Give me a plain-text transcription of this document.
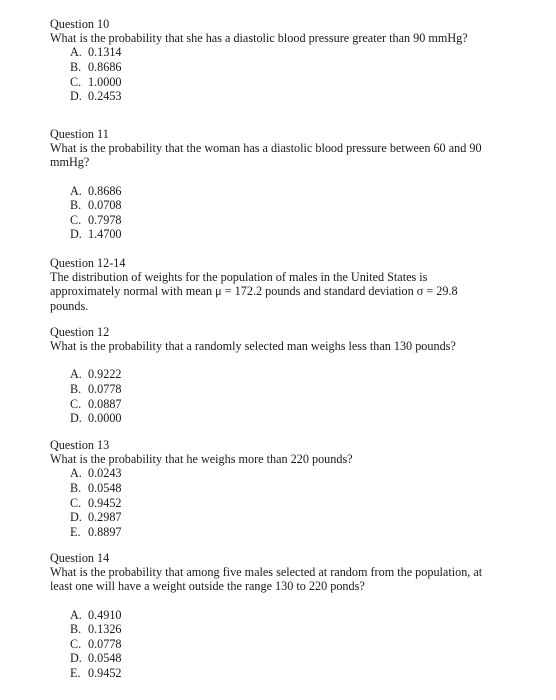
Question 10
What is the probability that she has a diastolic blood pressure greater than 90 mmHg?
A. 0.1314
B. 0.8686
C. 1.0000
D. 0.2453
Question 11
What is the probability that the woman has a diastolic blood pressure between 60 and 90
mmHg?
A. 0.8686
B. 0.0708
C. 0.7978
D. 1.4700
Question 12-14
The distribution of weights for the population of males in the United States is
approximately normal with mean μ = 172.2 pounds and standard deviation σ = 29.8
pounds.
Question 12
What is the probability that a randomly selected man weighs less than 130 pounds?
A. 0.9222
B. 0.0778
C. 0.0887
D. 0.0000
Question 13
What is the probability that he weighs more than 220 pounds?
A. 0.0243
B. 0.0548
C. 0.9452
D. 0.2987
E. 0.8897
Question 14
What is the probability that among five males selected at random from the population, at
least one will have a weight outside the range 130 to 220 ponds?
A. 0.4910
B. 0.1326
C. 0.0778
D. 0.0548
E. 0.9452
